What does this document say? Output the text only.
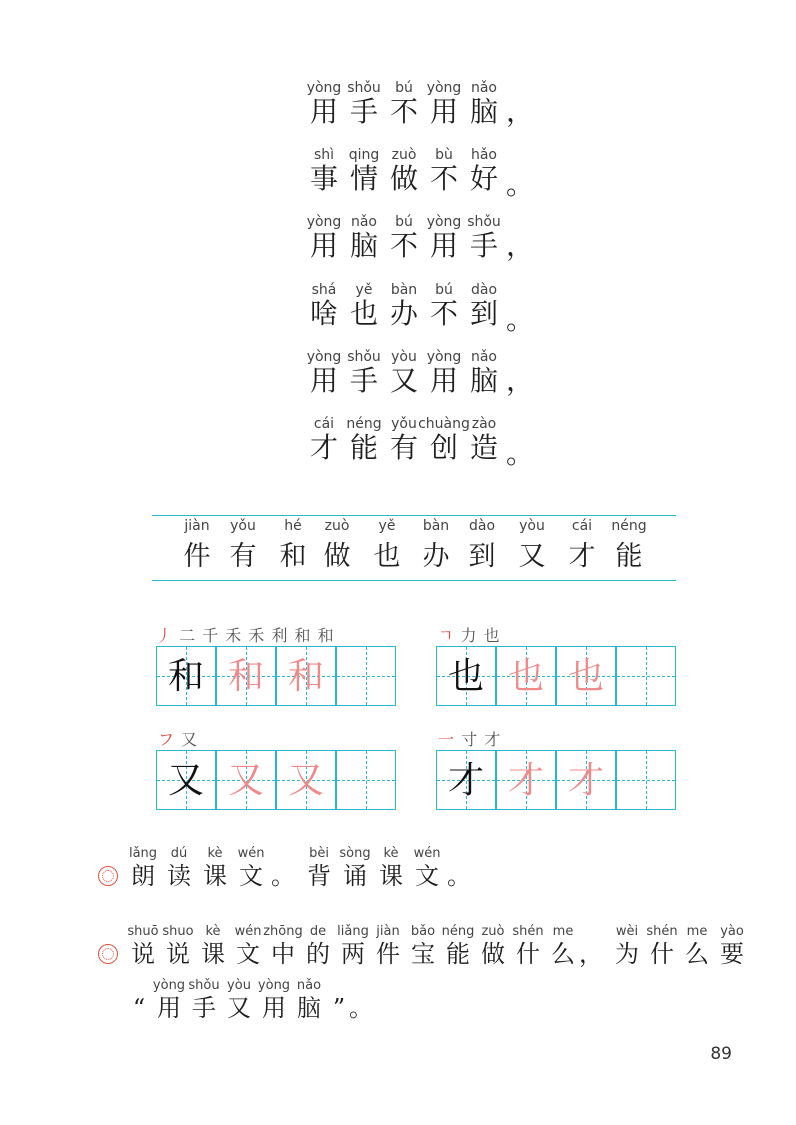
yòng
用
shǒu
手
bú
不
yòng
用
nǎo
脑 ，
shì
事
qing
情
zuò
做
bù
不
hǎo
好 。
yòng
用
nǎo
脑
bú
不
yòng
用
shǒu
手 ，
shá
啥
yě
也
bàn
办
bú
不
dào
到 。
yòng
用
shǒu
手
yòu
又
yòng
用
nǎo
脑 ，
cái
才
néng
能
yǒu
有
chuàng
创
zào
造 。
jiàn
件
yǒu
有
hé
和
zuò
做
yě
也
bàn
办
dào
到
yòu
又
cái
才
néng
能
丿 二 千 禾 禾 利 和 和
和 和 和
ㄱ 力 也
也 也 也
フ 又
又 又 又
一 寸 才
才 才 才
lǎng
朗
dú
读
kè
课
wén
文 。
bèi
背
sòng
诵
kè
课
wén
文 。
shuō
说
shuo
说
kè
课
wén
文
zhōng
中
de
的
liǎng
两
jiàn
件
bǎo
宝
néng
能
zuò
做
shén
什
me
么 ，
wèi
为
shén
什
me
么
yào
要
“
yòng
用
shǒu
手
yòu
又
yòng
用
nǎo
脑 ” 。
89
